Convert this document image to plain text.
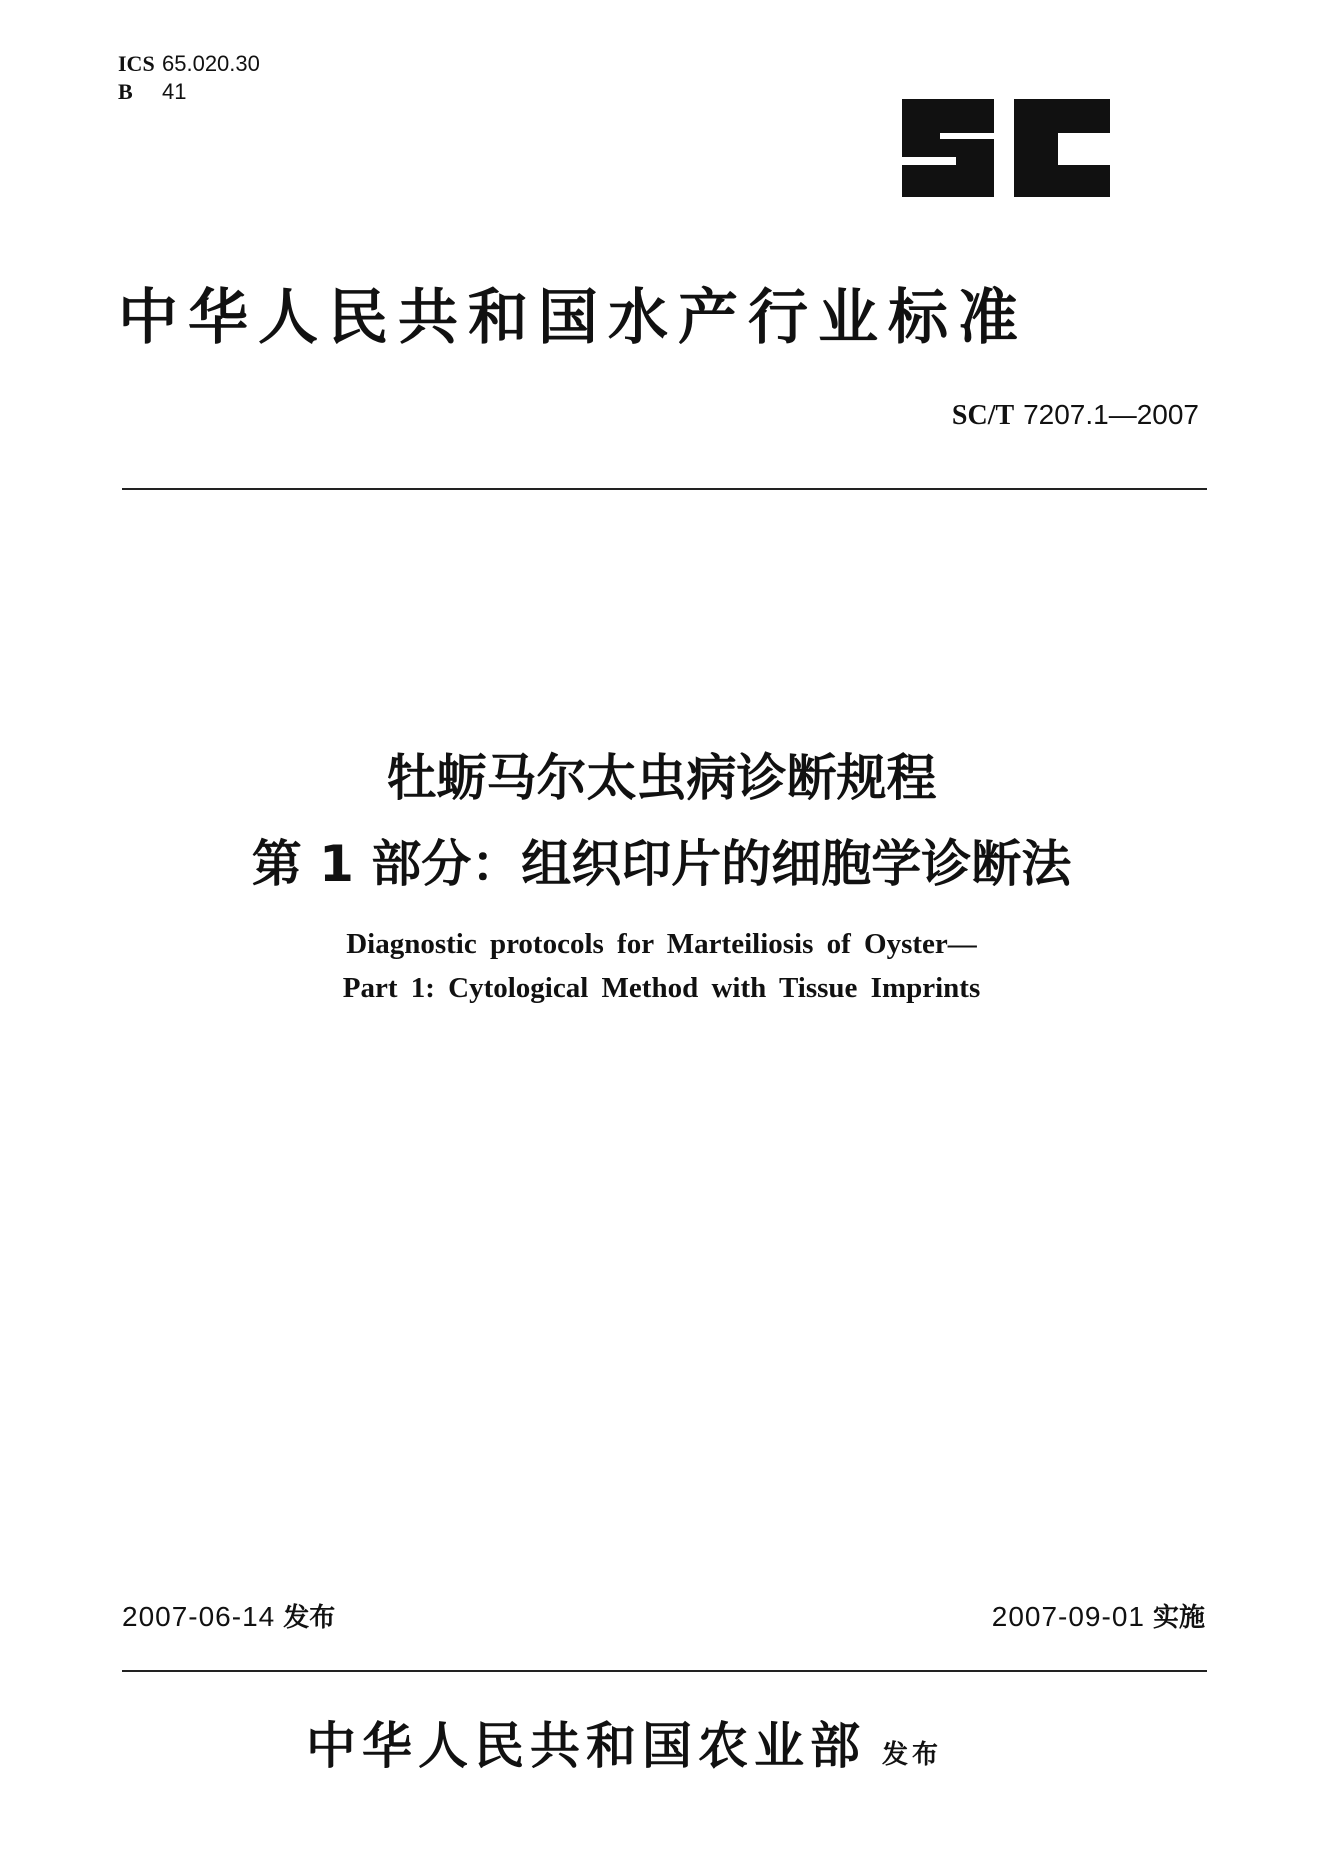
ICS 65.020.30
B 41
中华人民共和国水产行业标准
SC/T 7207.1—2007
牡蛎马尔太虫病诊断规程
第 1 部分：组织印片的细胞学诊断法
Diagnostic protocols for Marteiliosis of Oyster—
Part 1: Cytological Method with Tissue Imprints
2007-06-14 发布	2007-09-01 实施
中华人民共和国农业部 发布
